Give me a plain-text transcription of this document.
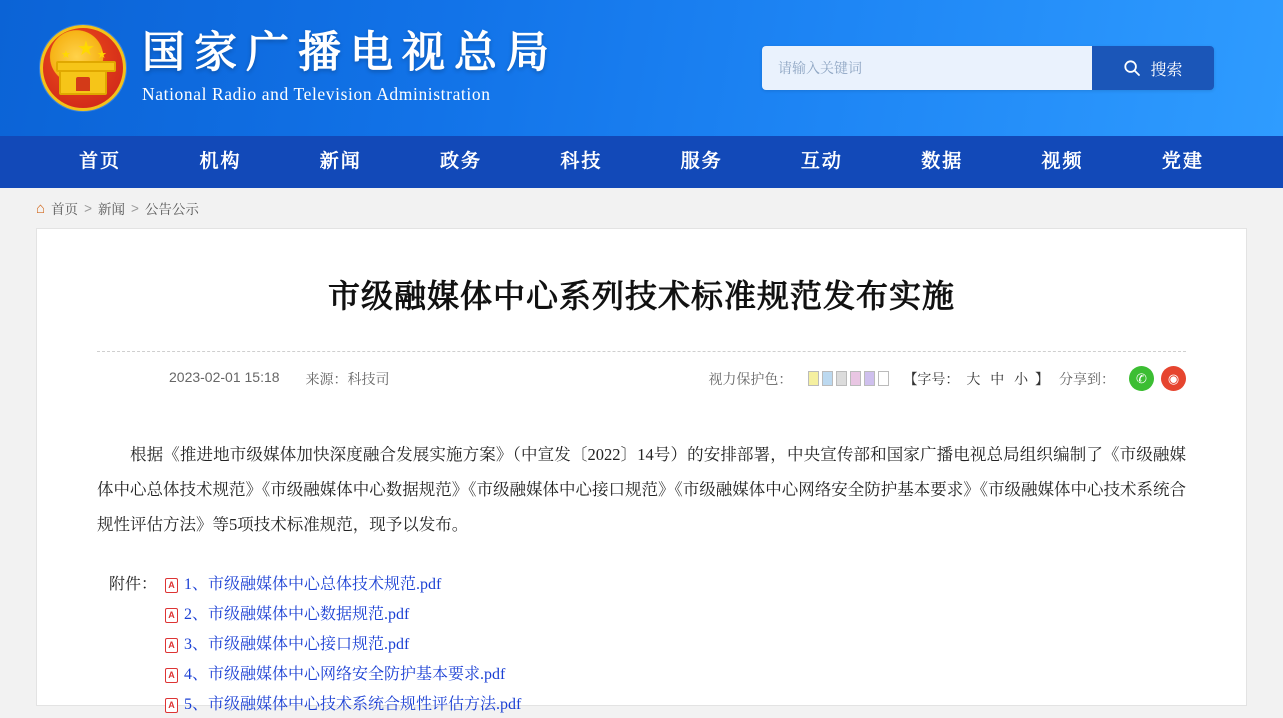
★
★ ★ 国家广播电视总局
National Radio and Television Administration
请输入关键词
搜索
首页	机构	新闻	政务	科技	服务	互动	数据	视频	党建
⌂ 首页 > 新闻 > 公告公示
市级融媒体中心系列技术标准规范发布实施
2023-02-01 15:18 来源：科技司	视力保护色：	【字号： 大 中 小 】 分享到：	✆	◉

根据《推进地市级媒体加快深度融合发展实施方案》（中宣发〔2022〕14号）的安排部署，中央宣传部和国家广播电视总局组织编制了《市级融媒体中心总体技术规范》《市级融媒体中心数据规范》《市级融媒体中心接口规范》《市级融媒体中心网络安全防护基本要求》《市级融媒体中心技术系统合规性评估方法》等5项技术标准规范，现予以发布。

附件： A 1、市级融媒体中心总体技术规范.pdf
A
2、市级融媒体中心数据规范.pdf
A
3、市级融媒体中心接口规范.pdf
A
4、市级融媒体中心网络安全防护基本要求.pdf
A
5、市级融媒体中心技术系统合规性评估方法.pdf
